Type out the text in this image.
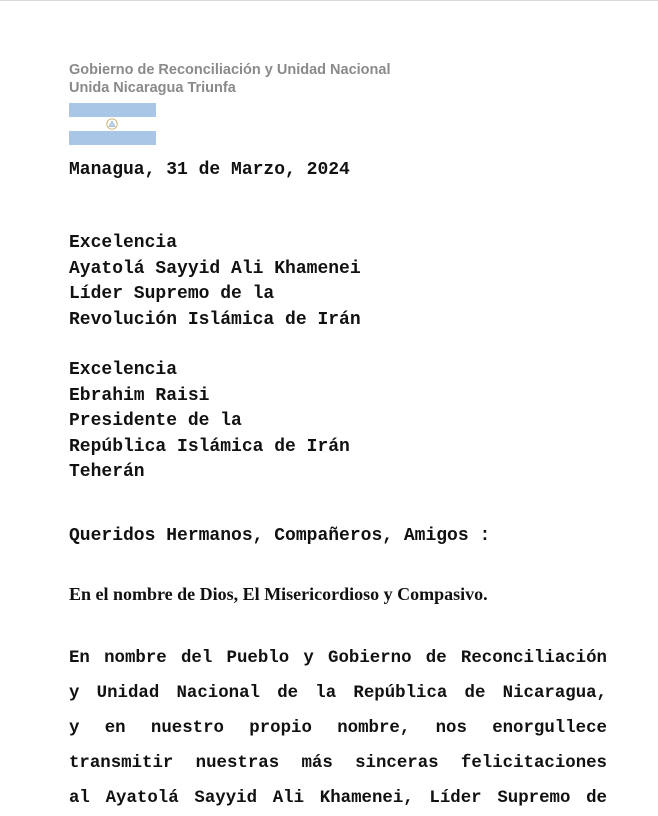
Gobierno de Reconciliación y Unidad Nacional
Unida Nicaragua Triunfa
Managua, 31 de Marzo, 2024
Excelencia
Ayatolá Sayyid Ali Khamenei
Líder Supremo de la
Revolución Islámica de Irán
Excelencia
Ebrahim Raisi
Presidente de la
República Islámica de Irán
Teherán
Queridos Hermanos, Compañeros, Amigos :
En el nombre de Dios, El Misericordioso y Compasivo.
En nombre del Pueblo y Gobierno de Reconciliación
y Unidad Nacional de la República de Nicaragua,
y en nuestro propio nombre, nos enorgullece
transmitir nuestras más sinceras felicitaciones
al Ayatolá Sayyid Ali Khamenei, Líder Supremo de
